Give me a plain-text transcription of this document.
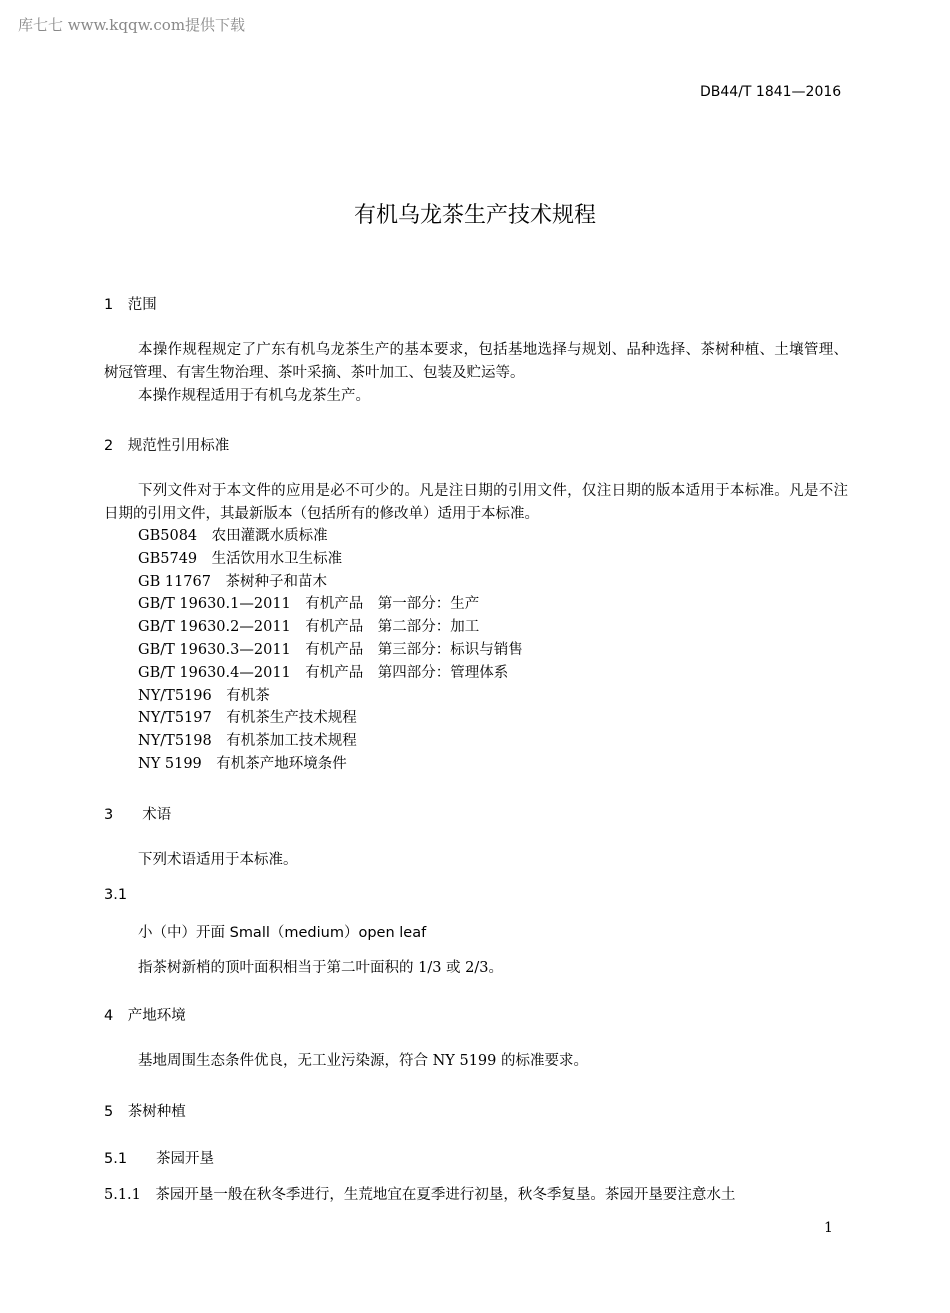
库七七 www.kqqw.com提供下载
DB44/T 1841—2016
有机乌龙茶生产技术规程
1　范围
本操作规程规定了广东有机乌龙茶生产的基本要求，包括基地选择与规划、品种选择、茶树种植、土壤管理、树冠管理、有害生物治理、茶叶采摘、茶叶加工、包装及贮运等。
本操作规程适用于有机乌龙茶生产。
2　规范性引用标准
下列文件对于本文件的应用是必不可少的。凡是注日期的引用文件，仅注日期的版本适用于本标准。凡是不注日期的引用文件，其最新版本（包括所有的修改单）适用于本标准。
GB5084　农田灌溉水质标准
GB5749　生活饮用水卫生标准
GB 11767　茶树种子和苗木
GB/T 19630.1—2011　有机产品　第一部分：生产
GB/T 19630.2—2011　有机产品　第二部分：加工
GB/T 19630.3—2011　有机产品　第三部分：标识与销售
GB/T 19630.4—2011　有机产品　第四部分：管理体系
NY/T5196　有机茶
NY/T5197　有机茶生产技术规程
NY/T5198　有机茶加工技术规程
NY 5199　有机茶产地环境条件
3　　术语
下列术语适用于本标准。
3.1
小（中）开面 Small（medium）open leaf
指茶树新梢的顶叶面积相当于第二叶面积的 1/3 或 2/3。
4　产地环境
基地周围生态条件优良，无工业污染源，符合 NY 5199 的标准要求。
5　茶树种植
5.1　　茶园开垦
5.1.1　茶园开垦一般在秋冬季进行，生荒地宜在夏季进行初垦，秋冬季复垦。茶园开垦要注意水土
1
